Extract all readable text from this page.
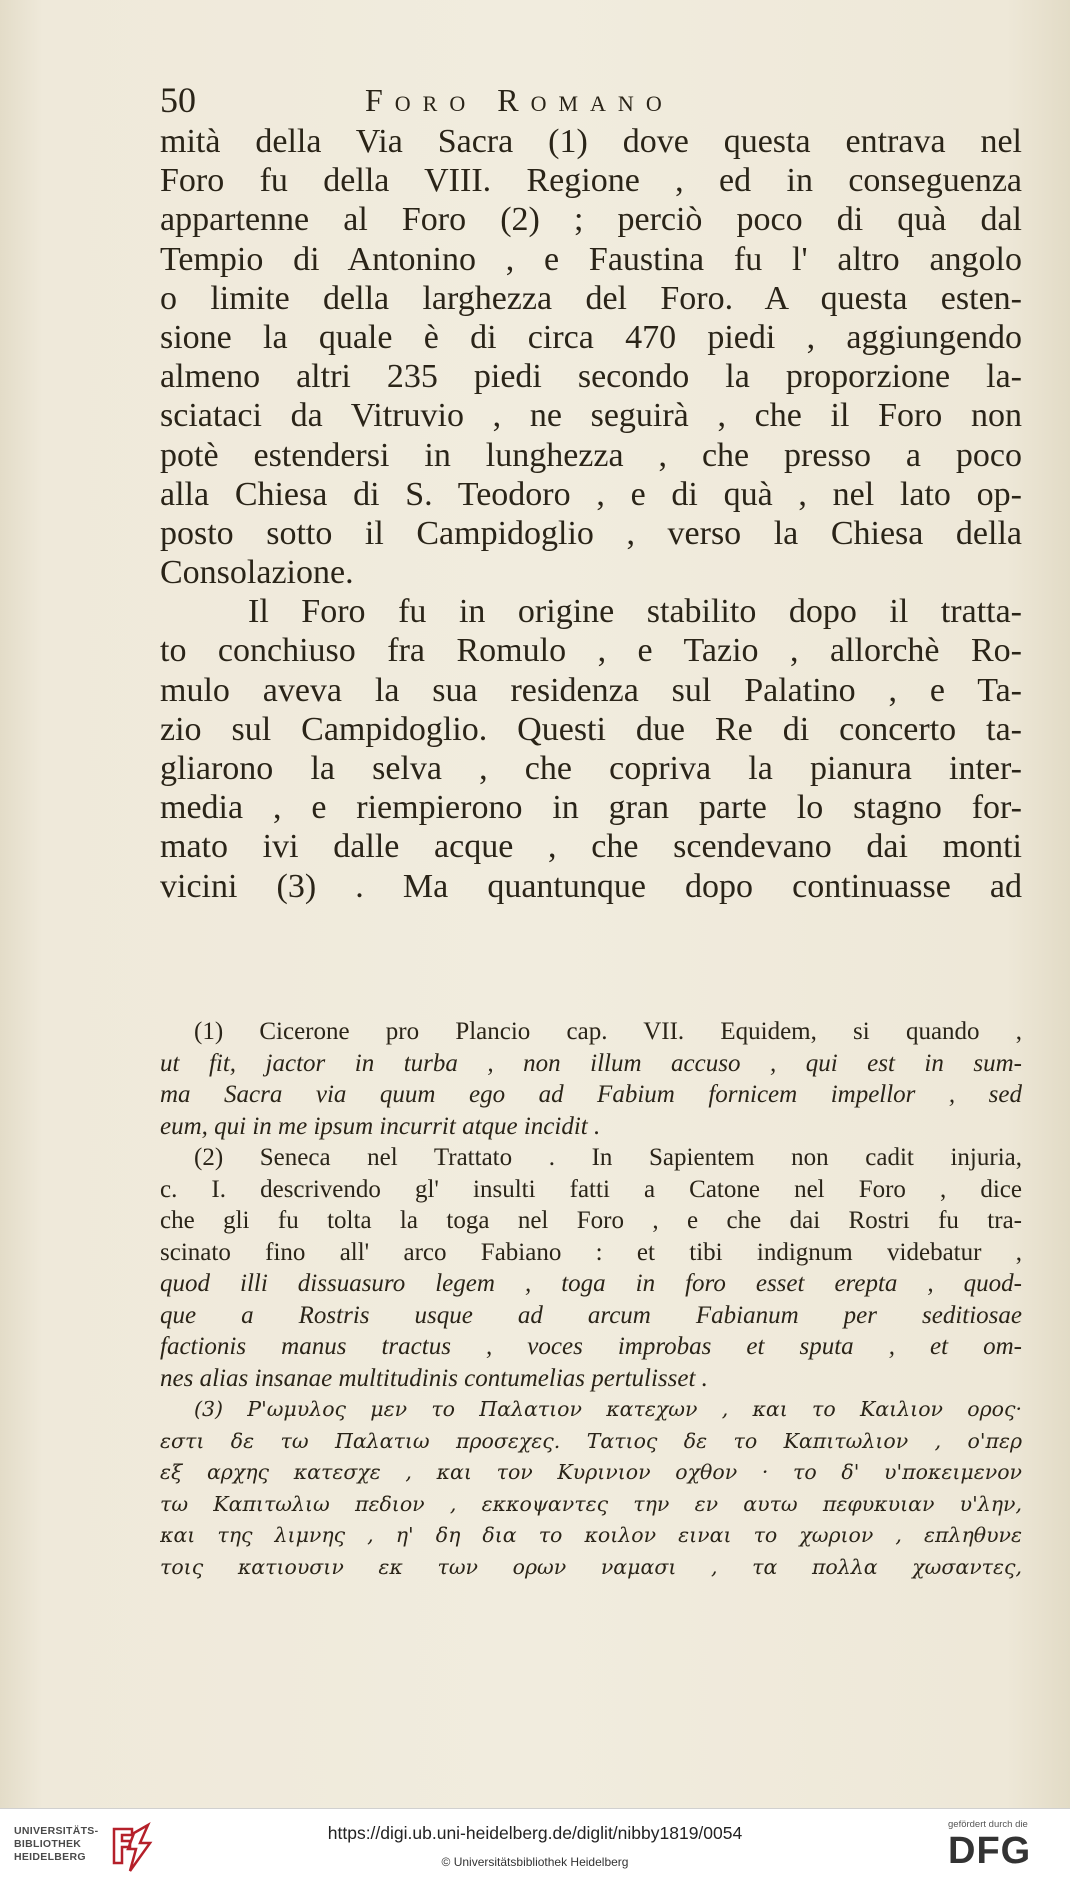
50	Foro Romano
mità della Via Sacra (1) dove questa entrava nel
Foro fu della VIII. Regione , ed in conseguenza
appartenne al Foro (2) ; perciò poco di quà dal
Tempio di Antonino , e Faustina fu l' altro angolo
o limite della larghezza del Foro. A questa esten-
sione la quale è di circa 470 piedi , aggiungendo
almeno altri 235 piedi secondo la proporzione la-
sciataci da Vitruvio , ne seguirà , che il Foro non
potè estendersi in lunghezza , che presso a poco
alla Chiesa di S. Teodoro , e di quà , nel lato op-
posto sotto il Campidoglio , verso la Chiesa della
Consolazione.
Il Foro fu in origine stabilito dopo il tratta-
to conchiuso fra Romulo , e Tazio , allorchè Ro-
mulo aveva la sua residenza sul Palatino , e Ta-
zio sul Campidoglio. Questi due Re di concerto ta-
gliarono la selva , che copriva la pianura inter-
media , e riempierono in gran parte lo stagno for-
mato ivi dalle acque , che scendevano dai monti
vicini (3) . Ma quantunque dopo continuasse ad
(1) Cicerone pro Plancio cap. VII. Equidem, si quando ,
ut fit, jactor in turba , non illum accuso , qui est in sum-
ma Sacra via quum ego ad Fabium fornicem impellor , sed
eum, qui in me ipsum incurrit atque incidit .
(2) Seneca nel Trattato . In Sapientem non cadit injuria,
c. I. descrivendo gl' insulti fatti a Catone nel Foro , dice
che gli fu tolta la toga nel Foro , e che dai Rostri fu tra-
scinato fino all' arco Fabiano : et tibi indignum videbatur ,
quod illi dissuasuro legem , toga in foro esset erepta , quod-
que a Rostris usque ad arcum Fabianum per seditiosae
factionis manus tractus , voces improbas et sputa , et om-
nes alias insanae multitudinis contumelias pertulisset .
(3) Ρ'ωμυλος μεν το Παλατιον κατεχων , και το Καιλιον ορος·
εστι δε τω Παλατιω προσεχες. Τατιος δε το Καπιτωλιον , ο'περ
εξ αρχης κατεσχε , και τον Κυρινιον οχθον · το δ' υ'ποκειμενον
τω Καπιτωλιω πεδιον , εκκοψαντες την εν αυτω πεφυκυιαν υ'λην,
και της λιμνης , η' δη δια το κοιλον ειναι το χωριον , επληθυνε
τοις κατιουσιν εκ των ορων ναμασι , τα πολλα χωσαντες,
UNIVERSITÄTS-
BIBLIOTHEK
HEIDELBERG
https://digi.ub.uni-heidelberg.de/diglit/nibby1819/0054
© Universitätsbibliothek Heidelberg
gefördert durch die
DFG
